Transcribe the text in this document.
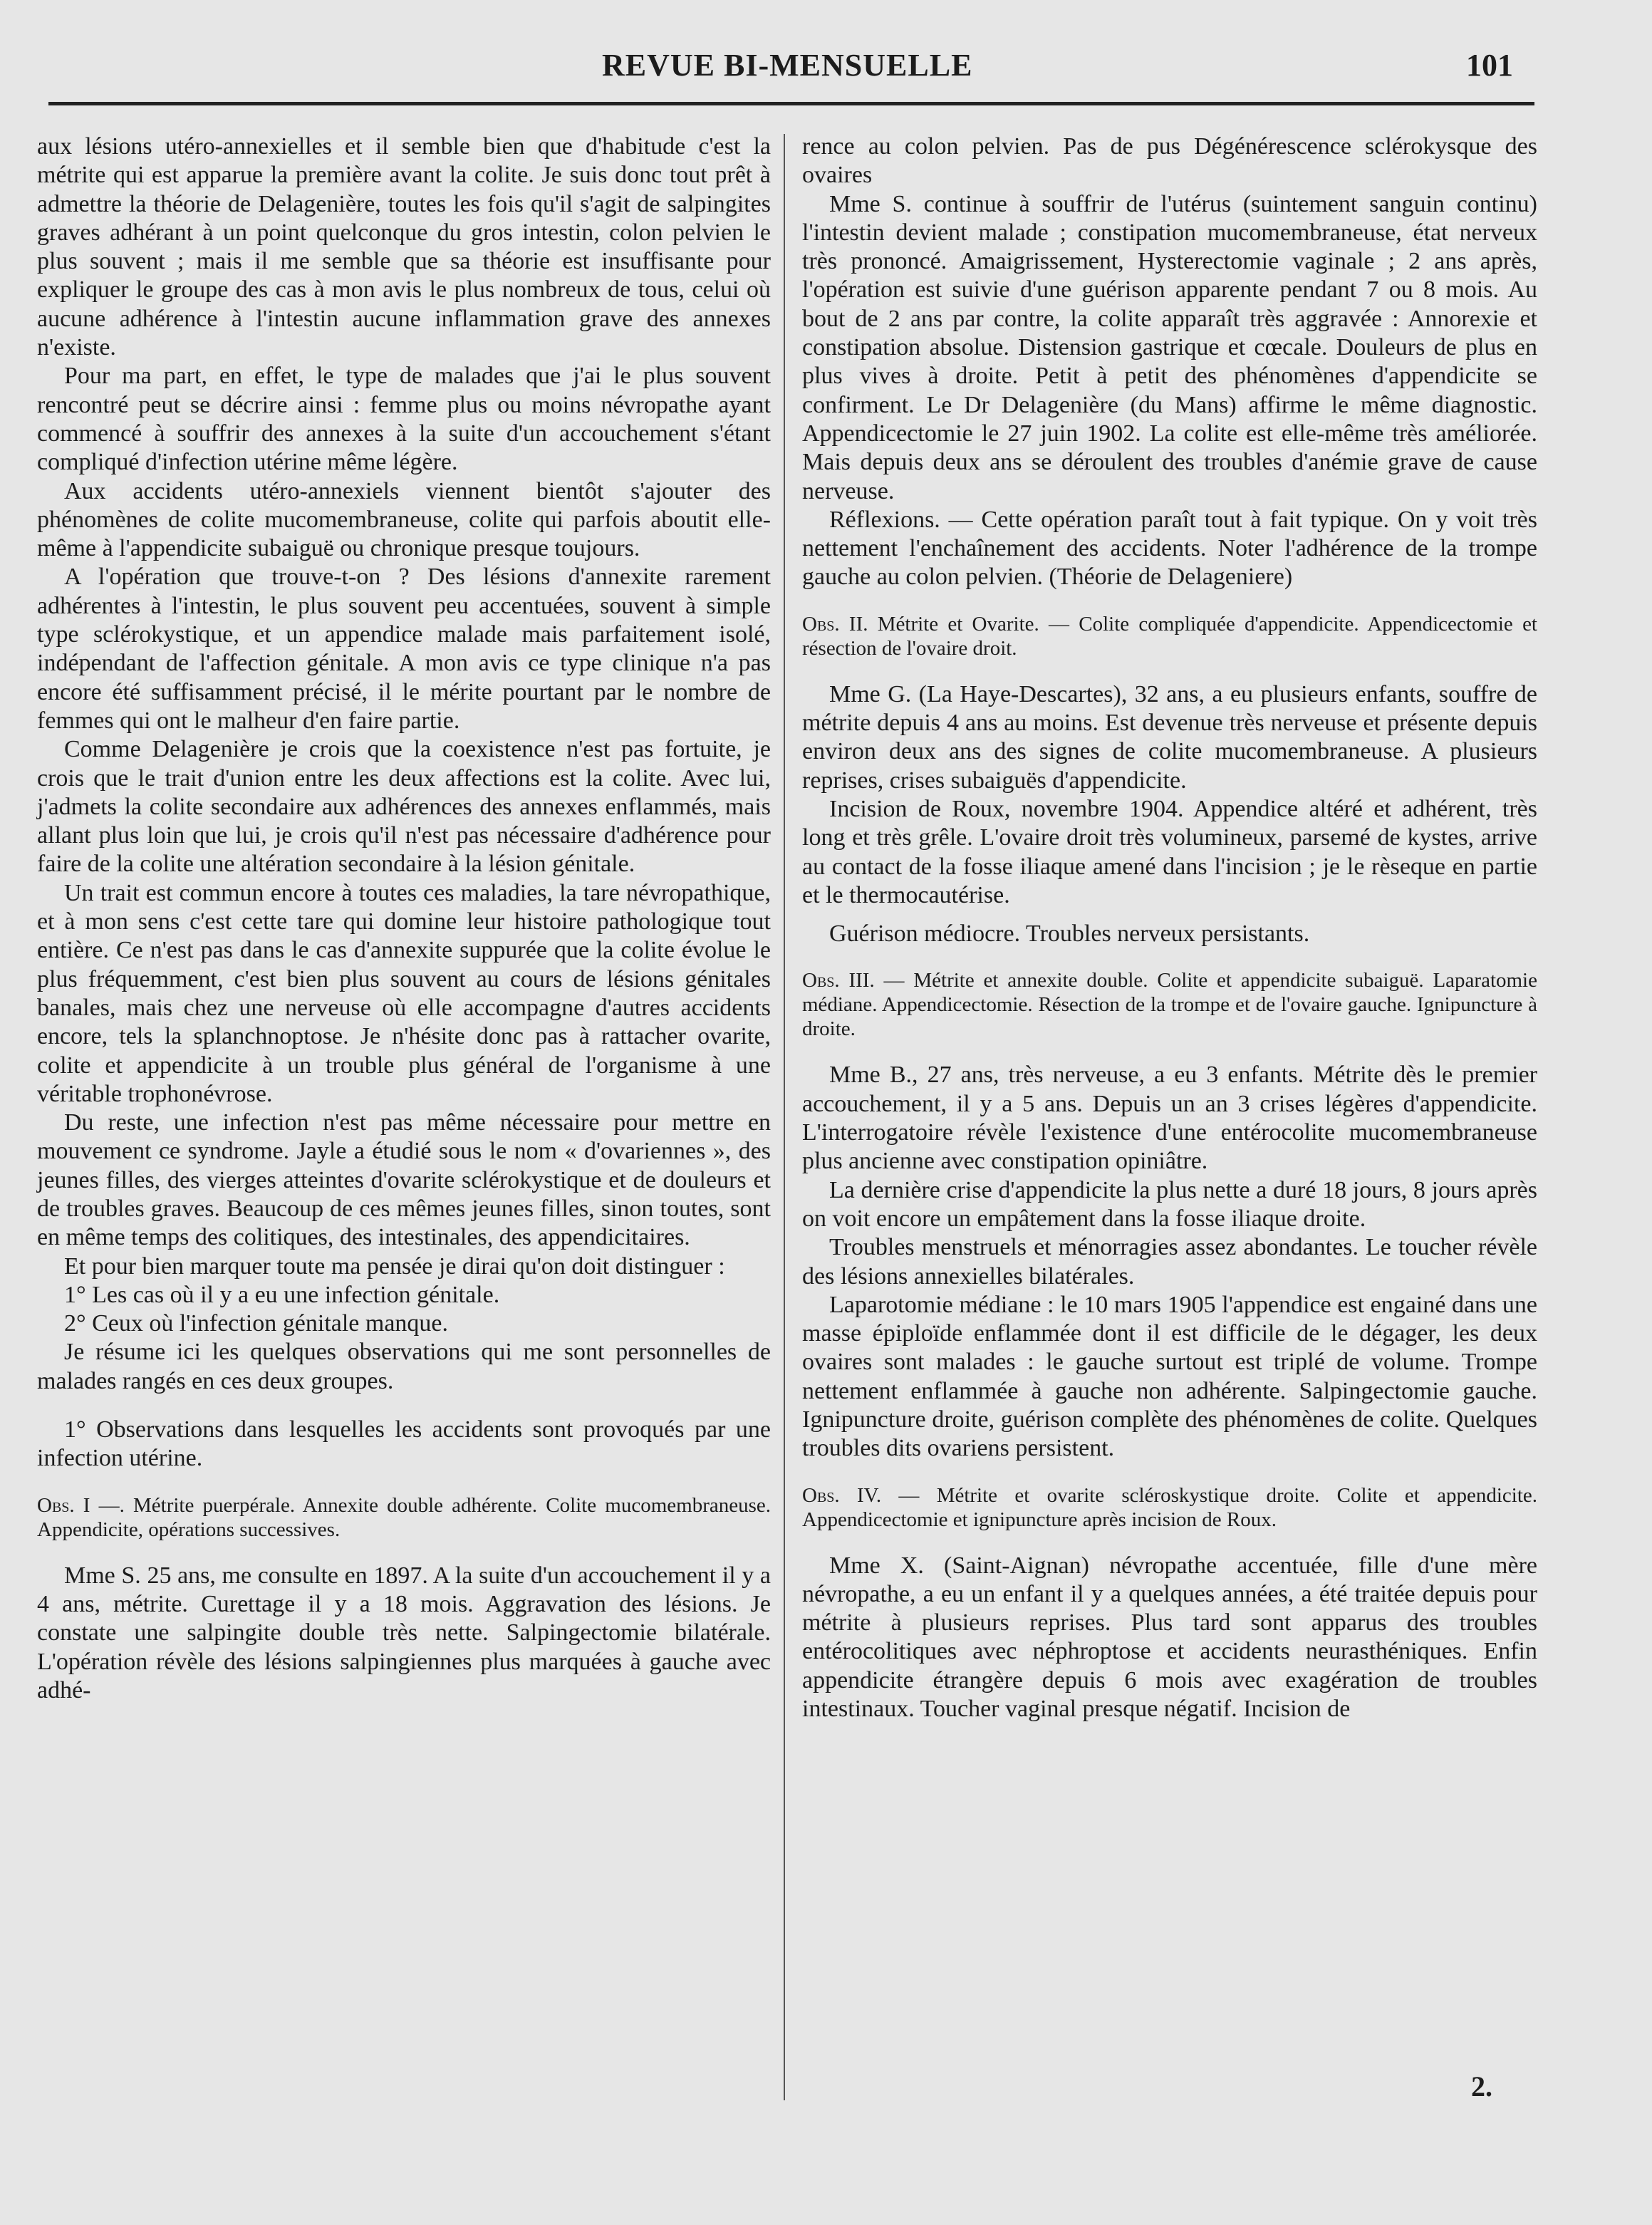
REVUE BI-MENSUELLE	101

aux lésions utéro-annexielles et il semble bien que d'habitude c'est la métrite qui est apparue la première avant la colite. Je suis donc tout prêt à admettre la théorie de Delagenière, toutes les fois qu'il s'agit de salpingites graves adhérant à un point quelconque du gros intestin, colon pelvien le plus souvent ; mais il me semble que sa théorie est insuffisante pour expliquer le groupe des cas à mon avis le plus nombreux de tous, celui où aucune adhérence à l'intestin aucune inflammation grave des annexes n'existe.

Pour ma part, en effet, le type de malades que j'ai le plus souvent rencontré peut se décrire ainsi : femme plus ou moins névropathe ayant commencé à souffrir des annexes à la suite d'un accouchement s'étant compliqué d'infection utérine même légère.

Aux accidents utéro-annexiels viennent bientôt s'ajouter des phénomènes de colite mucomembraneuse, colite qui parfois aboutit elle-même à l'appendicite subaiguë ou chronique presque toujours.

A l'opération que trouve-t-on ? Des lésions d'annexite rarement adhérentes à l'intestin, le plus souvent peu accentuées, souvent à simple type sclérokystique, et un appendice malade mais parfaitement isolé, indépendant de l'affection génitale. A mon avis ce type clinique n'a pas encore été suffisamment précisé, il le mérite pourtant par le nombre de femmes qui ont le malheur d'en faire partie.

Comme Delagenière je crois que la coexistence n'est pas fortuite, je crois que le trait d'union entre les deux affections est la colite. Avec lui, j'admets la colite secondaire aux adhérences des annexes enflammés, mais allant plus loin que lui, je crois qu'il n'est pas nécessaire d'adhérence pour faire de la colite une altération secondaire à la lésion génitale.

Un trait est commun encore à toutes ces maladies, la tare névropathique, et à mon sens c'est cette tare qui domine leur histoire pathologique tout entière. Ce n'est pas dans le cas d'annexite suppurée que la colite évolue le plus fréquemment, c'est bien plus souvent au cours de lésions génitales banales, mais chez une nerveuse où elle accompagne d'autres accidents encore, tels la splanchnoptose. Je n'hésite donc pas à rattacher ovarite, colite et appendicite à un trouble plus général de l'organisme à une véritable trophonévrose.

Du reste, une infection n'est pas même nécessaire pour mettre en mouvement ce syndrome. Jayle a étudié sous le nom « d'ovariennes », des jeunes filles, des vierges atteintes d'ovarite sclérokystique et de douleurs et de troubles graves. Beaucoup de ces mêmes jeunes filles, sinon toutes, sont en même temps des colitiques, des intestinales, des appendicitaires.

Et pour bien marquer toute ma pensée je dirai qu'on doit distinguer :

1° Les cas où il y a eu une infection génitale.

2° Ceux où l'infection génitale manque.

Je résume ici les quelques observations qui me sont personnelles de malades rangés en ces deux groupes.

1° Observations dans lesquelles les accidents sont provoqués par une infection utérine.

Obs. I —. Métrite puerpérale. Annexite double adhérente. Colite mucomembraneuse. Appendicite, opérations successives.

Mme S. 25 ans, me consulte en 1897. A la suite d'un accouchement il y a 4 ans, métrite. Curettage il y a 18 mois. Aggravation des lésions. Je constate une salpingite double très nette. Salpingectomie bilatérale. L'opération révèle des lésions salpingiennes plus marquées à gauche avec adhé-

rence au colon pelvien. Pas de pus Dégénérescence sclérokysque des ovaires

Mme S. continue à souffrir de l'utérus (suintement sanguin continu) l'intestin devient malade ; constipation mucomembraneuse, état nerveux très prononcé. Amaigrissement, Hysterectomie vaginale ; 2 ans après, l'opération est suivie d'une guérison apparente pendant 7 ou 8 mois. Au bout de 2 ans par contre, la colite apparaît très aggravée : Annorexie et constipation absolue. Distension gastrique et cœcale. Douleurs de plus en plus vives à droite. Petit à petit des phénomènes d'appendicite se confirment. Le Dr Delagenière (du Mans) affirme le même diagnostic. Appendicectomie le 27 juin 1902. La colite est elle-même très améliorée. Mais depuis deux ans se déroulent des troubles d'anémie grave de cause nerveuse.

Réflexions. — Cette opération paraît tout à fait typique. On y voit très nettement l'enchaînement des accidents. Noter l'adhérence de la trompe gauche au colon pelvien. (Théorie de Delageniere)

Obs. II. Métrite et Ovarite. — Colite compliquée d'appendicite. Appendicectomie et résection de l'ovaire droit.

Mme G. (La Haye-Descartes), 32 ans, a eu plusieurs enfants, souffre de métrite depuis 4 ans au moins. Est devenue très nerveuse et présente depuis environ deux ans des signes de colite mucomembraneuse. A plusieurs reprises, crises subaiguës d'appendicite.

Incision de Roux, novembre 1904. Appendice altéré et adhérent, très long et très grêle. L'ovaire droit très volumineux, parsemé de kystes, arrive au contact de la fosse iliaque amené dans l'incision ; je le rèseque en partie et le thermocautérise.

Guérison médiocre. Troubles nerveux persistants.

Obs. III. — Métrite et annexite double. Colite et appendicite subaiguë. Laparatomie médiane. Appendicectomie. Résection de la trompe et de l'ovaire gauche. Ignipuncture à droite.

Mme B., 27 ans, très nerveuse, a eu 3 enfants. Métrite dès le premier accouchement, il y a 5 ans. Depuis un an 3 crises légères d'appendicite. L'interrogatoire révèle l'existence d'une entérocolite mucomembraneuse plus ancienne avec constipation opiniâtre.

La dernière crise d'appendicite la plus nette a duré 18 jours, 8 jours après on voit encore un empâtement dans la fosse iliaque droite.

Troubles menstruels et ménorragies assez abondantes. Le toucher révèle des lésions annexielles bilatérales.

Laparotomie médiane : le 10 mars 1905 l'appendice est engainé dans une masse épiploïde enflammée dont il est difficile de le dégager, les deux ovaires sont malades : le gauche surtout est triplé de volume. Trompe nettement enflammée à gauche non adhérente. Salpingectomie gauche. Ignipuncture droite, guérison complète des phénomènes de colite. Quelques troubles dits ovariens persistent.

Obs. IV. — Métrite et ovarite scléroskystique droite. Colite et appendicite. Appendicectomie et ignipuncture après incision de Roux.

Mme X. (Saint-Aignan) névropathe accentuée, fille d'une mère névropathe, a eu un enfant il y a quelques années, a été traitée depuis pour métrite à plusieurs reprises. Plus tard sont apparus des troubles entérocolitiques avec néphroptose et accidents neurasthéniques. Enfin appendicite étrangère depuis 6 mois avec exagération de troubles intestinaux. Toucher vaginal presque négatif. Incision de

2.
